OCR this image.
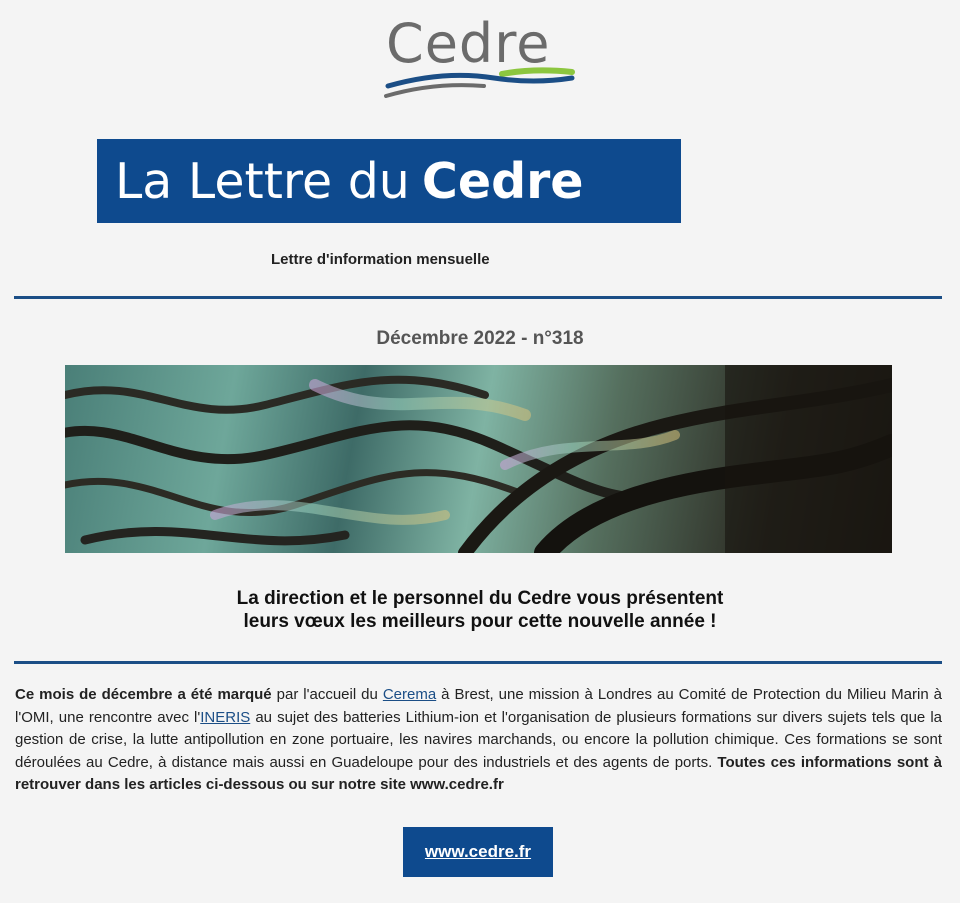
Cedre
La Lettre du Cedre
Lettre d'information mensuelle
Décembre 2022 - n°318
La direction et le personnel du Cedre vous présentent
leurs vœux les meilleurs pour cette nouvelle année !
Ce mois de décembre a été marqué par l'accueil du Cerema à Brest, une mission à Londres au Comité de Protection du Milieu Marin à l'OMI, une rencontre avec l'INERIS au sujet des batteries Lithium-ion et l'organisation de plusieurs formations sur divers sujets tels que la gestion de crise, la lutte antipollution en zone portuaire, les navires marchands, ou encore la pollution chimique. Ces formations se sont déroulées au Cedre, à distance mais aussi en Guadeloupe pour des industriels et des agents de ports. Toutes ces informations sont à retrouver dans les articles ci-dessous ou sur notre site www.cedre.fr
www.cedre.fr
